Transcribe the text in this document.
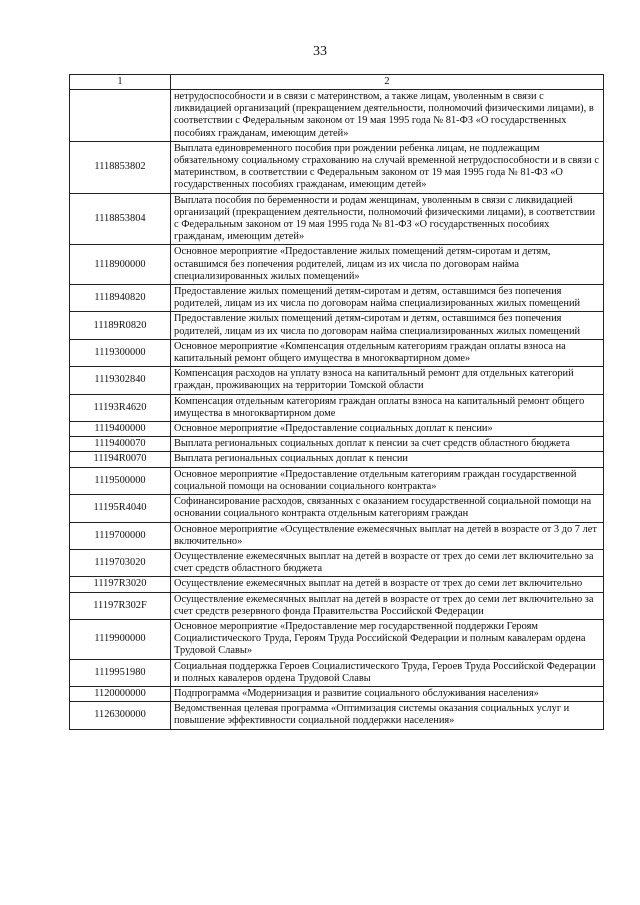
33
1	2
	нетрудоспособности и в связи с материнством, а также лицам, уволенным в связи с ликвидацией организаций (прекращением деятельности, полномочий физическими лицами), в соответствии с Федеральным законом от 19 мая 1995 года № 81-ФЗ «О государственных пособиях гражданам, имеющим детей»
1118853802	Выплата единовременного пособия при рождении ребенка лицам, не подлежащим обязательному социальному страхованию на случай временной нетрудоспособности и в связи с материнством, в соответствии с Федеральным законом от 19 мая 1995 года № 81-ФЗ «О государственных пособиях гражданам, имеющим детей»
1118853804	Выплата пособия по беременности и родам женщинам, уволенным в связи с ликвидацией организаций (прекращением деятельности, полномочий физическими лицами), в соответствии с Федеральным законом от 19 мая 1995 года № 81-ФЗ «О государственных пособиях гражданам, имеющим детей»
1118900000	Основное мероприятие «Предоставление жилых помещений детям-сиротам и детям, оставшимся без попечения родителей, лицам из их числа по договорам найма специализированных жилых помещений»
1118940820	Предоставление жилых помещений детям-сиротам и детям, оставшимся без попечения родителей, лицам из их числа по договорам найма специализированных жилых помещений
11189R0820	Предоставление жилых помещений детям-сиротам и детям, оставшимся без попечения родителей, лицам из их числа по договорам найма специализированных жилых помещений
1119300000	Основное мероприятие «Компенсация отдельным категориям граждан оплаты взноса на капитальный ремонт общего имущества в многоквартирном доме»
1119302840	Компенсация расходов на уплату взноса на капитальный ремонт для отдельных категорий граждан, проживающих на территории Томской области
11193R4620	Компенсация отдельным категориям граждан оплаты взноса на капитальный ремонт общего имущества в многоквартирном доме
1119400000	Основное мероприятие «Предоставление социальных доплат к пенсии»
1119400070	Выплата региональных социальных доплат к пенсии за счет средств областного бюджета
11194R0070	Выплата региональных социальных доплат к пенсии
1119500000	Основное мероприятие «Предоставление отдельным категориям граждан государственной социальной помощи на основании социального контракта»
11195R4040	Софинансирование расходов, связанных с оказанием государственной социальной помощи на основании социального контракта отдельным категориям граждан
1119700000	Основное мероприятие «Осуществление ежемесячных выплат на детей в возрасте от 3 до 7 лет включительно»
1119703020	Осуществление ежемесячных выплат на детей в возрасте от трех до семи лет включительно за счет средств областного бюджета
11197R3020	Осуществление ежемесячных выплат на детей в возрасте от трех до семи лет включительно
11197R302F	Осуществление ежемесячных выплат на детей в возрасте от трех до семи лет включительно за счет средств резервного фонда Правительства Российской Федерации
1119900000	Основное мероприятие «Предоставление мер государственной поддержки Героям Социалистического Труда, Героям Труда Российской Федерации и полным кавалерам ордена Трудовой Славы»
1119951980	Социальная поддержка Героев Социалистического Труда, Героев Труда Российской Федерации и полных кавалеров ордена Трудовой Славы
1120000000	Подпрограмма «Модернизация и развитие социального обслуживания населения»
1126300000	Ведомственная целевая программа «Оптимизация системы оказания социальных услуг и повышение эффективности социальной поддержки населения»
